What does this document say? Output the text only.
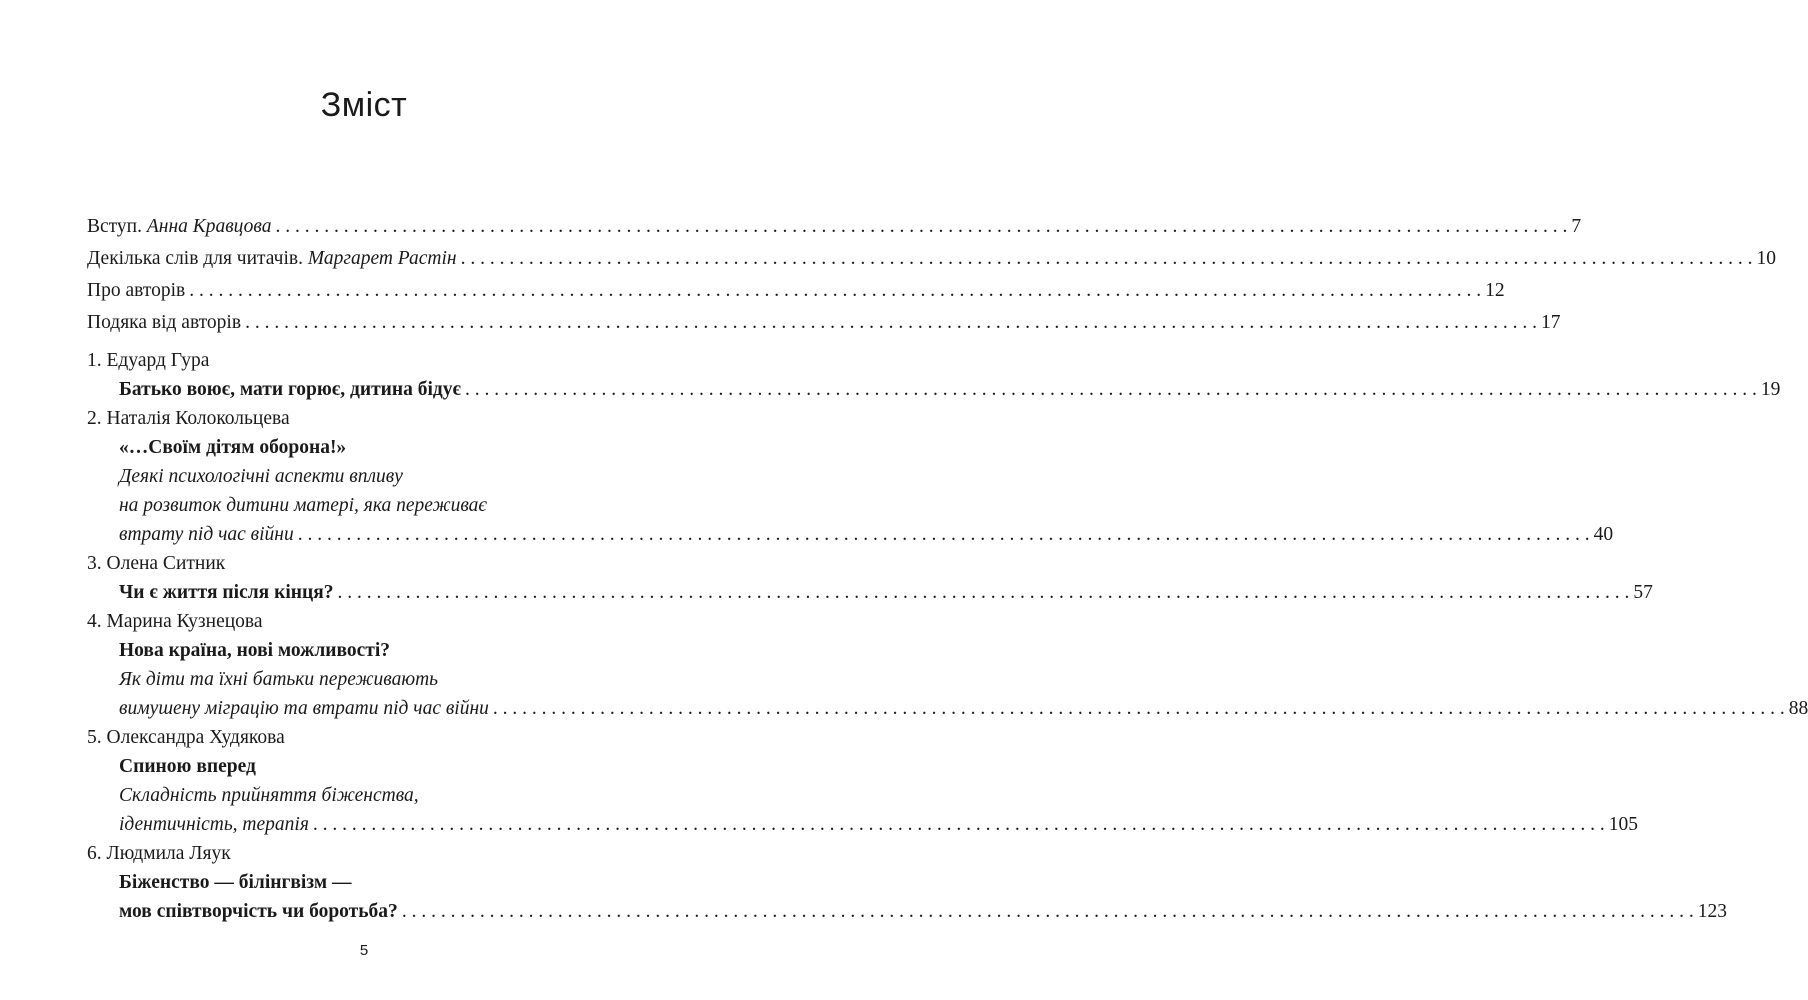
Зміст
Вступ. Анна Кравцова . . .	7
Декілька слів для читачів. Маргарет Растін . . .	10
Про авторів . . .	12
Подяка від авторів . . .	17
1. Едуард Гура
Батько воює, мати горює, дитина бідує . . .	19
2. Наталія Колокольцева
«…Своїм дітям оборона!»
Деякі психологічні аспекти впливу
на розвиток дитини матері, яка переживає
втрату під час війни . . .	40
3. Олена Ситник
Чи є життя після кінця? . . .	57
4. Марина Кузнецова
Нова країна, нові можливості?
Як діти та їхні батьки переживають
вимушену міграцію та втрати під час війни . . .	88
5. Олександра Худякова
Спиною вперед
Складність прийняття біженства,
ідентичність, терапія . . .	105
6. Людмила Ляук
Біженство — білінгвізм —
мов співтворчість чи боротьба? . . .	123
5
